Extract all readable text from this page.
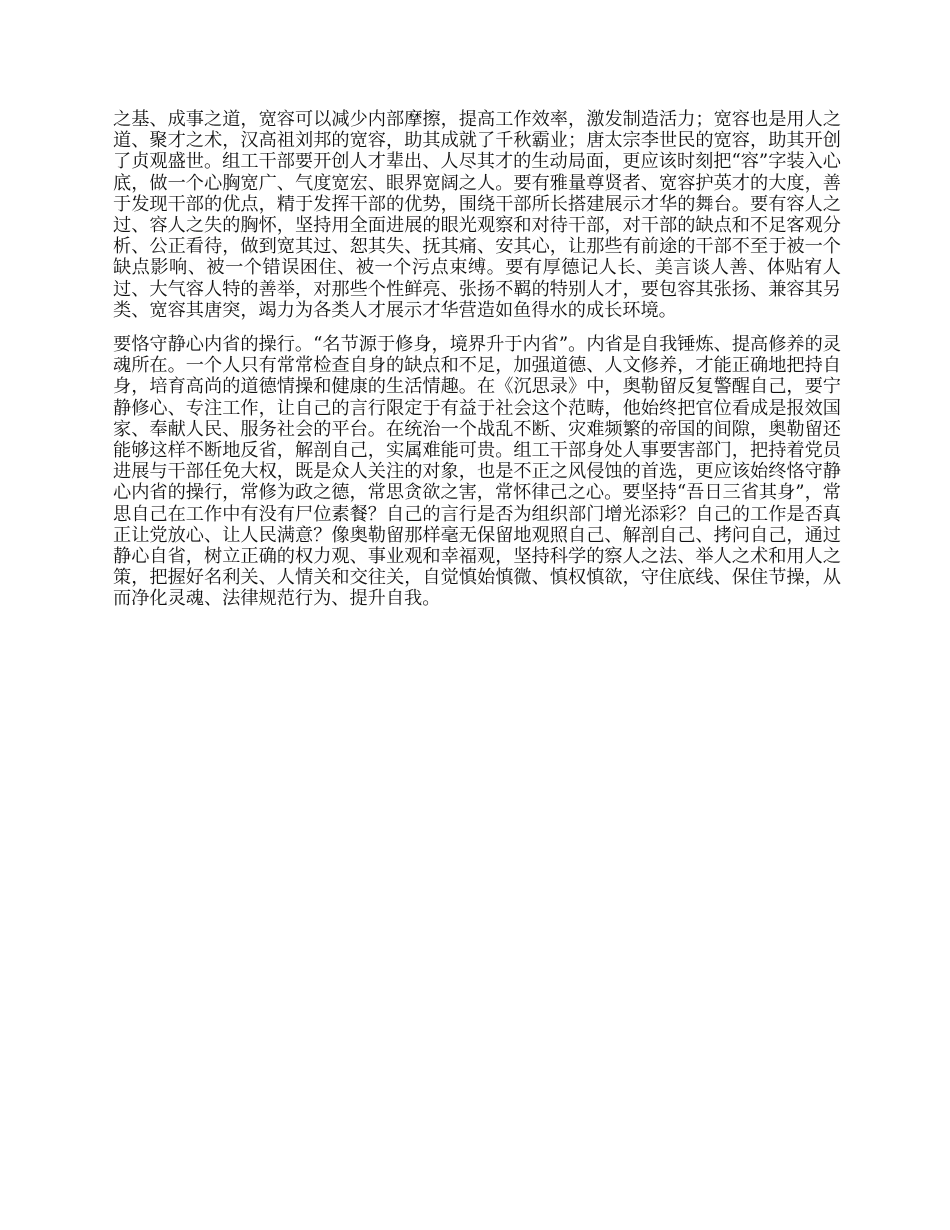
之基、成事之道，宽容可以减少内部摩擦，提高工作效率，激发制造活力；宽容也是用人之道、聚才之术，汉高祖刘邦的宽容，助其成就了千秋霸业；唐太宗李世民的宽容，助其开创了贞观盛世。组工干部要开创人才辈出、人尽其才的生动局面，更应该时刻把“容”字装入心底，做一个心胸宽广、气度宽宏、眼界宽阔之人。要有雅量尊贤者、宽容护英才的大度，善于发现干部的优点，精于发挥干部的优势，围绕干部所长搭建展示才华的舞台。要有容人之过、容人之失的胸怀，坚持用全面进展的眼光观察和对待干部，对干部的缺点和不足客观分析、公正看待，做到宽其过、恕其失、抚其痛、安其心，让那些有前途的干部不至于被一个缺点影响、被一个错误困住、被一个污点束缚。要有厚德记人长、美言谈人善、体贴宥人过、大气容人特的善举，对那些个性鲜亮、张扬不羁的特别人才，要包容其张扬、兼容其另类、宽容其唐突，竭力为各类人才展示才华营造如鱼得水的成长环境。

要恪守静心内省的操行。“名节源于修身，境界升于内省”。内省是自我锤炼、提高修养的灵魂所在。一个人只有常常检查自身的缺点和不足，加强道德、人文修养，才能正确地把持自身，培育高尚的道德情操和健康的生活情趣。在《沉思录》中，奥勒留反复警醒自己，要宁静修心、专注工作，让自己的言行限定于有益于社会这个范畴，他始终把官位看成是报效国家、奉献人民、服务社会的平台。在统治一个战乱不断、灾难频繁的帝国的间隙，奥勒留还能够这样不断地反省，解剖自己，实属难能可贵。组工干部身处人事要害部门，把持着党员进展与干部任免大权，既是众人关注的对象，也是不正之风侵蚀的首选，更应该始终恪守静心内省的操行，常修为政之德，常思贪欲之害，常怀律己之心。要坚持“吾日三省其身”，常思自己在工作中有没有尸位素餐？自己的言行是否为组织部门增光添彩？自己的工作是否真正让党放心、让人民满意？像奥勒留那样毫无保留地观照自己、解剖自己、拷问自己，通过静心自省，树立正确的权力观、事业观和幸福观，坚持科学的察人之法、举人之术和用人之策，把握好名利关、人情关和交往关，自觉慎始慎微、慎权慎欲，守住底线、保住节操，从而净化灵魂、法律规范行为、提升自我。
